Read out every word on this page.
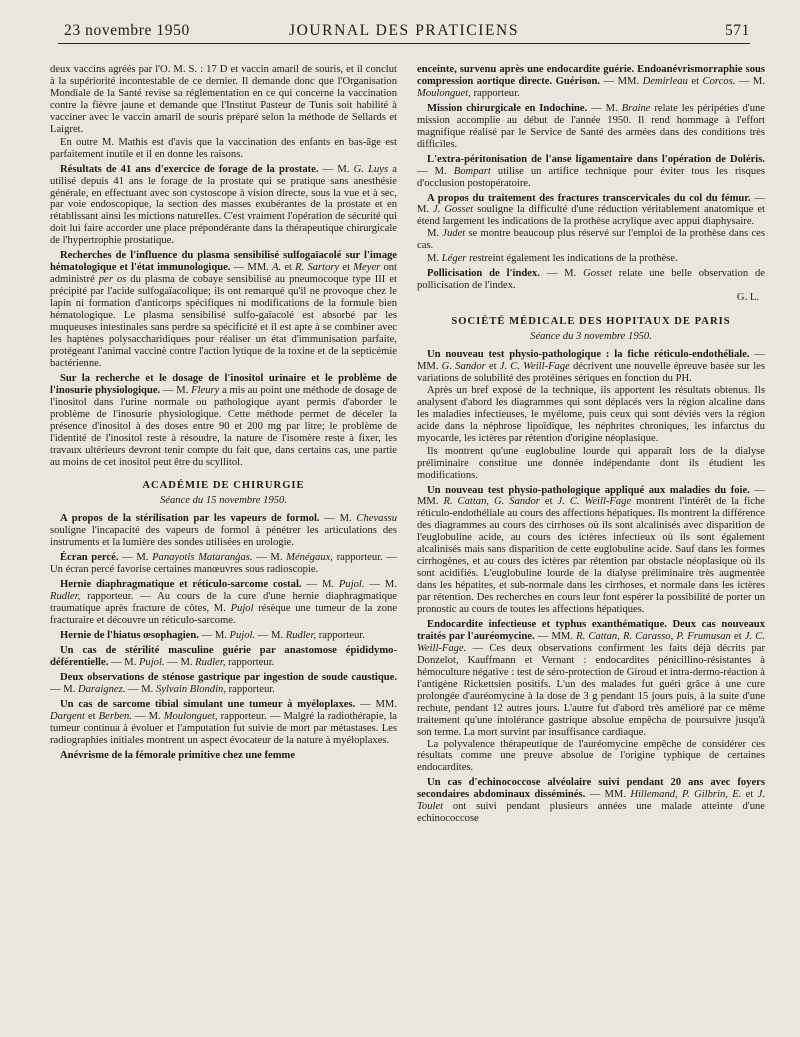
23 novembre 1950	JOURNAL DES PRATICIENS	571

deux vaccins agréés par l'O. M. S. : 17 D et vaccin amaril de souris, et il conclut à la supériorité incontestable de ce dernier. Il demande donc que l'Organisation Mondiale de la Santé revise sa réglementation en ce qui concerne la vaccination contre la fièvre jaune et demande que l'Institut Pasteur de Tunis soit habilité à vacciner avec le vaccin amaril de souris préparé selon la méthode de Sellards et Laigret.

En outre M. Mathis est d'avis que la vaccination des enfants en bas-âge est parfaitement inutile et il en donne les raisons.

Résultats de 41 ans d'exercice de forage de la prostate. — M. G. Luys a utilisé depuis 41 ans le forage de la prostate qui se pratique sans anesthésie générale, en effectuant avec son cystoscope à vision directe, sous la vue et à sec, par voie endoscopique, la section des masses exubérantes de la prostate et en rétablissant ainsi les mictions naturelles. C'est vraiment l'opération de sécurité qui doit lui faire accorder une place prépondérante dans la thérapeutique chirurgicale de l'hypertrophie prostatique.

Recherches de l'influence du plasma sensibilisé sulfogaïacolé sur l'image hématologique et l'état immunologique. — MM. A. et R. Sartory et Meyer ont administré per os du plasma de cobaye sensibilisé au pneumocoque type III et précipité par l'acide sulfogaïacolique; ils ont remarqué qu'il ne provoque chez le lapin ni formation d'anticorps spécifiques ni modifications de la formule bien hématologique. Le plasma sensibilisé sulfo-gaïacolé est absorbé par les muqueuses intestinales sans perdre sa spécificité et il est apte à se combiner avec les haptènes polysaccharidiques pour réaliser un état d'immunisation parfaite, protégeant l'animal vaccinè contre l'action lytique de la toxine et de la septicémie bactérienne.

Sur la recherche et le dosage de l'inositol urinaire et le problème de l'inosurie physiologique. — M. Fleury a mis au point une méthode de dosage de l'inositol dans l'urine normale ou pathologique ayant permis d'aborder le problème de l'inosurie physiologique. Cette méthode permet de déceler la présence d'inositol à des doses entre 90 et 200 mg par litre; le problème de l'identité de l'inositol reste à résoudre, la nature de l'isomère reste à fixer, les travaux ultérieurs devront tenir compte du fait que, dans certains cas, une partie au moins de cet inositol peut être du scyllitol.

ACADÉMIE DE CHIRURGIE
Séance du 15 novembre 1950.

A propos de la stérilisation par les vapeurs de formol. — M. Chevassu souligne l'incapacité des vapeurs de formol à pénétrer les articulations des instruments et la lumière des sondes utilisées en urologie.

Écran percé. — M. Panayotis Mataranġas. — M. Ménégaux, rapporteur. — Un écran percé favorise certaines manœuvres sous radioscopie.

Hernie diaphragmatique et réticulo-sarcome costal. — M. Pujol. — M. Rudler, rapporteur. — Au cours de la cure d'une hernie diaphragmatique traumatique après fracture de côtes, M. Pujol résèque une tumeur de la zone fracturaire et découvre un réticulo-sarcome.

Hernie de l'hiatus œsophagien. — M. Pujol. — M. Rudler, rapporteur.

Un cas de stérilité masculine guérie par anastomose épididymo-déférentielle. — M. Pujol. — M. Rudler, rapporteur.

Deux observations de sténose gastrique par ingestion de soude caustique. — M. Daraignez. — M. Sylvain Blondin, rapporteur.

Un cas de sarcome tibial simulant une tumeur à myéloplaxes. — MM. Dargent et Berben. — M. Moulonguet, rapporteur. — Malgré la radiothérapie, la tumeur continua à évoluer et l'amputation fut suivie de mort par métastases. Les radiographies initiales montrent un aspect évocateur de la nature à myéloplaxes.

Anévrisme de la fémorale primitive chez une femme

enceinte, survenu après une endocardite guérie. Endoanévrismorraphie sous compression aortique directe. Guérison. — MM. Demirleau et Corcos. — M. Moulonguet, rapporteur.

Mission chirurgicale en Indochine. — M. Braine relate les péripéties d'une mission accomplie au début de l'année 1950. Il rend hommage à l'effort magnifique réalisé par le Service de Santé des armées dans des conditions très difficiles.

L'extra-péritonisation de l'anse ligamentaire dans l'opération de Doléris. — M. Bompart utilise un artifice technique pour éviter tous les risques d'occlusion postopératoire.

A propos du traitement des fractures transcervicales du col du fémur. — M. J. Gosset souligne la difficulté d'une réduction véritablement anatomique et étend largement les indications de la prothèse acrylique avec appui diaphysaire.

M. Judet se montre beaucoup plus réservé sur l'emploi de la prothèse dans ces cas.

M. Léger restreint également les indications de la prothèse.

Pollicisation de l'index. — M. Gosset relate une belle observation de pollicisation de l'index.

G. L.

SOCIÉTÉ MÉDICALE DES HOPITAUX DE PARIS
Séance du 3 novembre 1950.

Un nouveau test physio-pathologique : la fiche réticulo-endothéliale. — MM. G. Sandor et J. C. Weill-Fage décrivent une nouvelle épreuve basée sur les variations de solubilité des protéines sériques en fonction du PH.

Après un bref exposé de la technique, ils apportent les résultats obtenus. Ils analysent d'abord les diagrammes qui sont déplacés vers la région alcaline dans les maladies infectieuses, le myélome, puis ceux qui sont déviés vers la région acide dans la néphrose lipoïdique, les néphrites chroniques, les infarctus du myocarde, les ictères par rétention d'origine néoplasique.

Ils montrent qu'une euglobuline lourde qui apparaît lors de la dialyse préliminaire constitue une donnée indépendante dont ils étudient les modifications.

Un nouveau test physio-pathologique appliqué aux maladies du foie. — MM. R. Cattan, G. Sandor et J. C. Weill-Fage montrent l'intérêt de la fiche réticulo-endothéliale au cours des affections hépatiques. Ils montrent la différence des diagrammes au cours des cirrhoses où ils sont alcalinisés avec disparition de l'euglobuline acide, au cours des ictères infectieux où ils sont également alcalinisés mais sans disparition de cette euglobuline acide. Sauf dans les formes cirrhogènes, et au cours des ictères par rétention par obstacle néoplasique où ils sont acidifiés. L'euglobuline lourde de la dialyse préliminaire très augmentée dans les hépatites, et sub-normale dans les cirrhoses, et normale dans les ictères par rétention. Des recherches en cours leur font espérer la possibilité de porter un pronostic au cours de toutes les affections hépatiques.

Endocardite infectieuse et typhus exanthématique. Deux cas nouveaux traités par l'auréomycine. — MM. R. Cattan, R. Carasso, P. Frumusan et J. C. Weill-Fage. — Ces deux observations confirment les faits déjà décrits par Donzelot, Kauffmann et Vernant : endocardites pénicillino-résistantes à hémoculture négative : test de séro-protection de Giroud et intra-dermo-réaction à l'antigène Rickettsien positifs. L'un des malades fut guéri grâce à une cure prolongée d'auréomycine à la dose de 3 g pendant 15 jours puis, à la suite d'une rechute, pendant 12 autres jours. L'autre fut d'abord très amélioré par ce même traitement qu'une intolérance gastrique absolue empêcha de poursuivre jusqu'à son terme. La mort survint par insuffisance cardiaque.

La polyvalence thérapeutique de l'auréomycine empêche de considérer ces résultats comme une preuve absolue de l'origine typhique de certaines endocardites.

Un cas d'echinococcose alvéolaire suivi pendant 20 ans avec foyers secondaires abdominaux disséminés. — MM. Hillemand, P. Gilbrin, E. et J. Toulet ont suivi pendant plusieurs années une malade atteinte d'une echinococcose
